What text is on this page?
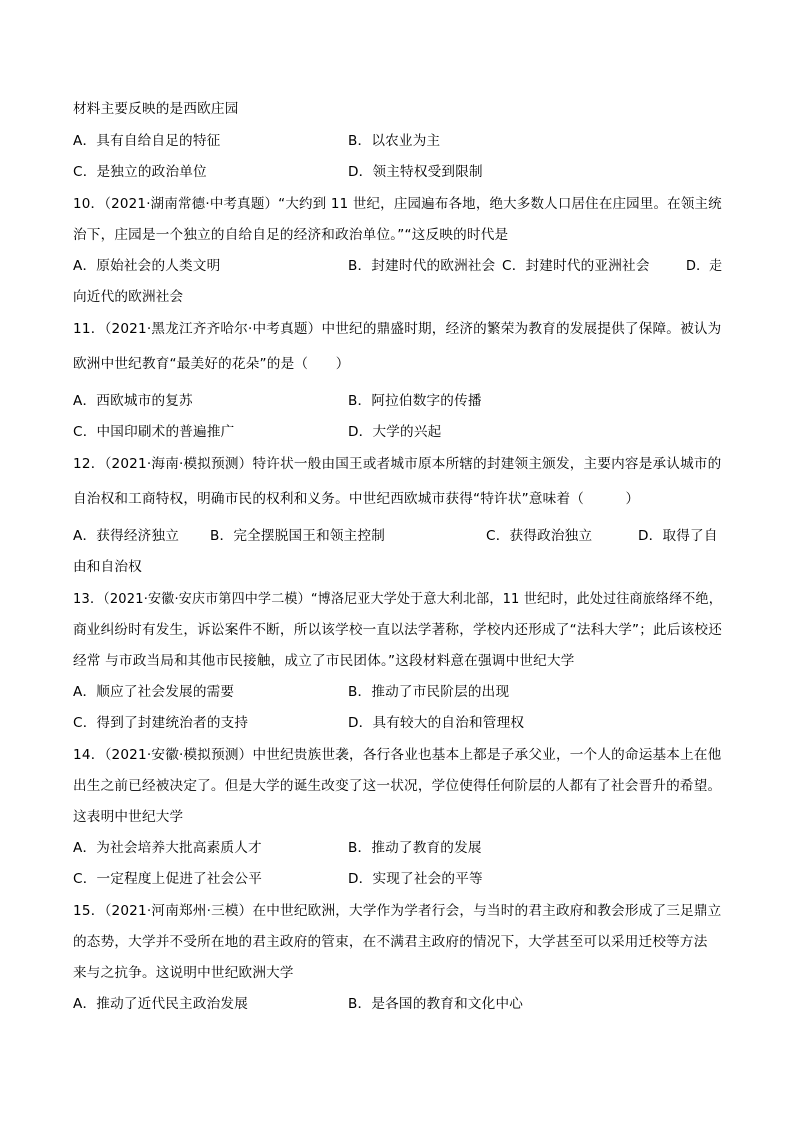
材料主要反映的是西欧庄园
A．具有自给自足的特征	B．以农业为主
C．是独立的政治单位	D．领主特权受到限制
10．（2021·湖南常德·中考真题）“大约到 11 世纪，庄园遍布各地，绝大多数人口居住在庄园里。在领主统
治下，庄园是一个独立的自给自足的经济和政治单位。”“这反映的时代是
A．原始社会的人类文明	B．封建时代的欧洲社会 C．封建时代的亚洲社会	D．走
向近代的欧洲社会
11．（2021·黑龙江齐齐哈尔·中考真题）中世纪的鼎盛时期，经济的繁荣为教育的发展提供了保障。被认为
欧洲中世纪教育“最美好的花朵”的是（　　）
A．西欧城市的复苏	B．阿拉伯数字的传播
C．中国印刷术的普遍推广	D．大学的兴起
12．（2021·海南·模拟预测）特许状一般由国王或者城市原本所辖的封建领主颁发，主要内容是承认城市的
自治权和工商特权，明确市民的权利和义务。中世纪西欧城市获得“特许状”意味着（　　　）
A．获得经济独立 B．完全摆脱国王和领主控制	C．获得政治独立	D．取得了自
由和自治权
13．（2021·安徽·安庆市第四中学二模）“博洛尼亚大学处于意大利北部，11 世纪时，此处过往商旅络绎不绝，
商业纠纷时有发生，诉讼案件不断，所以该学校一直以法学著称，学校内还形成了“法科大学”；此后该校还
经常 与市政当局和其他市民接触，成立了市民团体。”这段材料意在强调中世纪大学
A．顺应了社会发展的需要	B．推动了市民阶层的出现
C．得到了封建统治者的支持	D．具有较大的自治和管理权
14．（2021·安徽·模拟预测）中世纪贵族世袭，各行各业也基本上都是子承父业，一个人的命运基本上在他
出生之前已经被决定了。但是大学的诞生改变了这一状况，学位使得任何阶层的人都有了社会晋升的希望。
这表明中世纪大学
A．为社会培养大批高素质人才	B．推动了教育的发展
C．一定程度上促进了社会公平	D．实现了社会的平等
15．（2021·河南郑州·三模）在中世纪欧洲，大学作为学者行会，与当时的君主政府和教会形成了三足鼎立
的态势，大学并不受所在地的君主政府的管束，在不满君主政府的情况下，大学甚至可以采用迁校等方法
来与之抗争。这说明中世纪欧洲大学
A．推动了近代民主政治发展	B．是各国的教育和文化中心
